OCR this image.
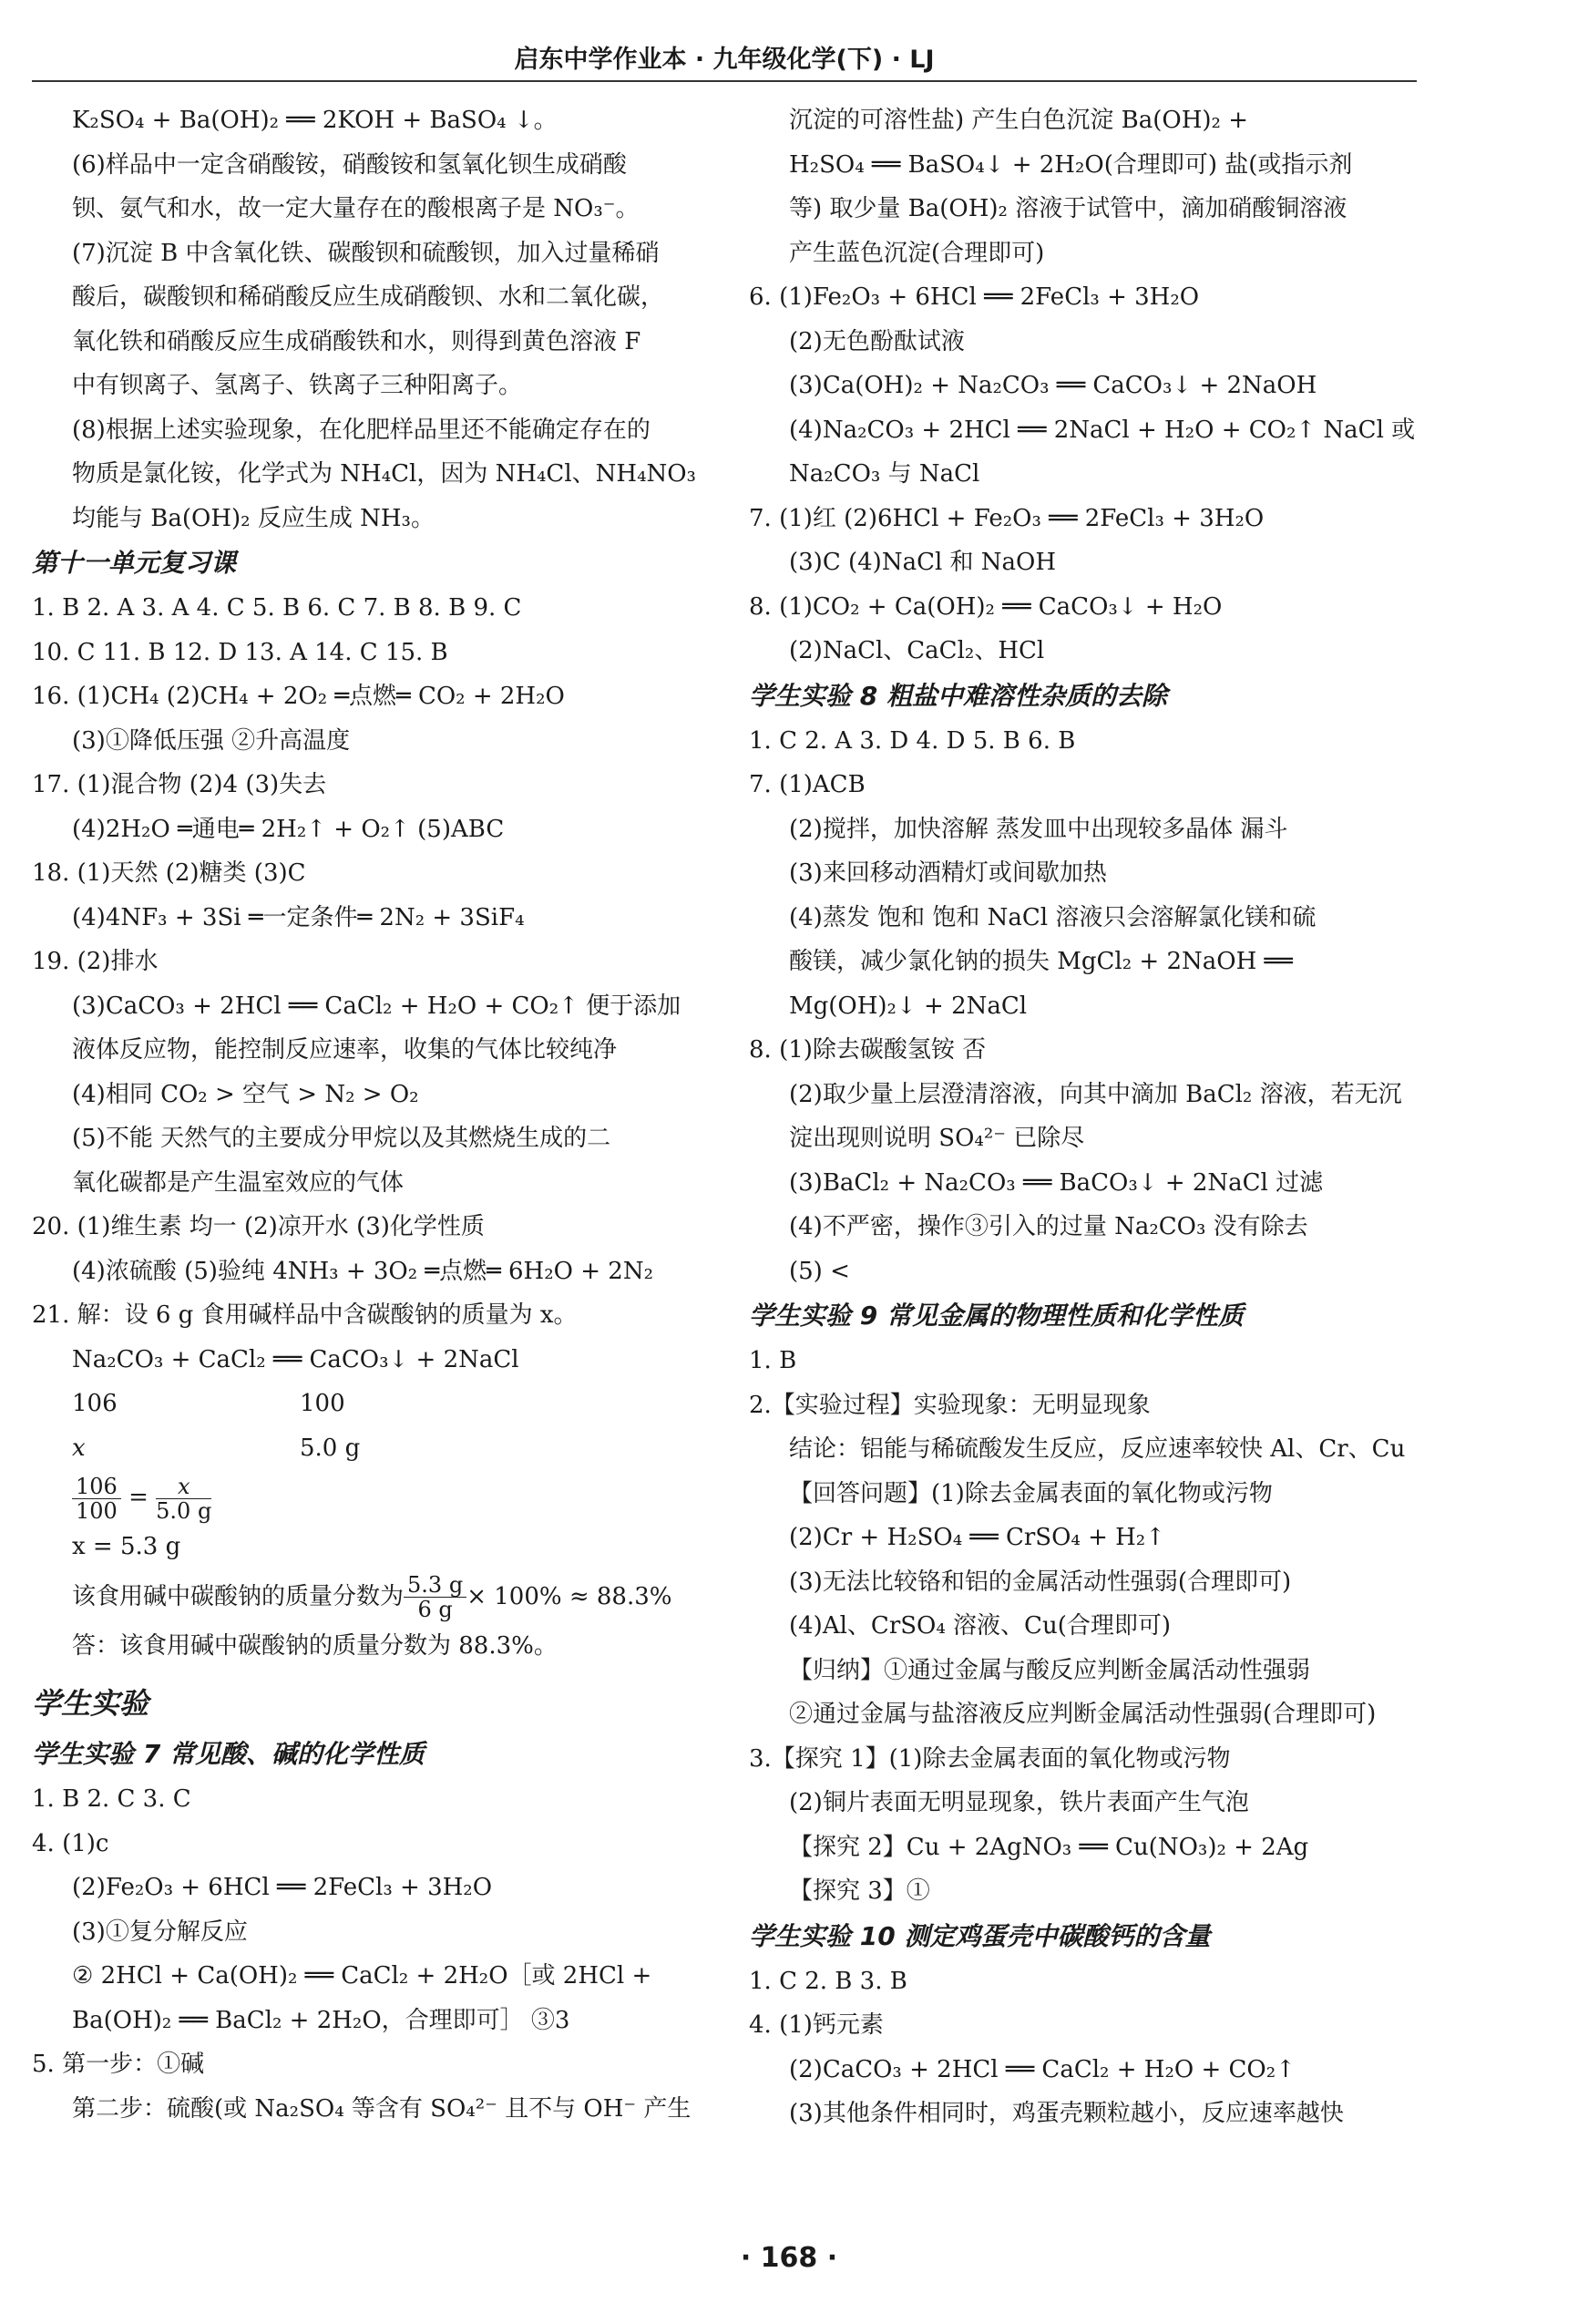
启东中学作业本 · 九年级化学(下) · LJ
K₂SO₄ + Ba(OH)₂ ══ 2KOH + BaSO₄ ↓。
(6)样品中一定含硝酸铵，硝酸铵和氢氧化钡生成硝酸
钡、氨气和水，故一定大量存在的酸根离子是 NO₃⁻。
(7)沉淀 B 中含氧化铁、碳酸钡和硫酸钡，加入过量稀硝
酸后，碳酸钡和稀硝酸反应生成硝酸钡、水和二氧化碳，
氧化铁和硝酸反应生成硝酸铁和水，则得到黄色溶液 F
中有钡离子、氢离子、铁离子三种阳离子。
(8)根据上述实验现象，在化肥样品里还不能确定存在的
物质是氯化铵，化学式为 NH₄Cl，因为 NH₄Cl、NH₄NO₃
均能与 Ba(OH)₂ 反应生成 NH₃。
第十一单元复习课
1. B 2. A 3. A 4. C 5. B 6. C 7. B 8. B 9. C
10. C 11. B 12. D 13. A 14. C 15. B
16. (1)CH₄ (2)CH₄ + 2O₂ ═点燃═ CO₂ + 2H₂O
(3)①降低压强 ②升高温度
17. (1)混合物 (2)4 (3)失去
(4)2H₂O ═通电═ 2H₂↑ + O₂↑ (5)ABC
18. (1)天然 (2)糖类 (3)C
(4)4NF₃ + 3Si ═一定条件═ 2N₂ + 3SiF₄
19. (2)排水
(3)CaCO₃ + 2HCl ══ CaCl₂ + H₂O + CO₂↑ 便于添加
液体反应物，能控制反应速率，收集的气体比较纯净
(4)相同 CO₂ > 空气 > N₂ > O₂
(5)不能 天然气的主要成分甲烷以及其燃烧生成的二
氧化碳都是产生温室效应的气体
20. (1)维生素 均一 (2)凉开水 (3)化学性质
(4)浓硫酸 (5)验纯 4NH₃ + 3O₂ ═点燃═ 6H₂O + 2N₂
21. 解：设 6 g 食用碱样品中含碳酸钠的质量为 x。
Na₂CO₃ + CaCl₂ ══ CaCO₃↓ + 2NaCl
106	100
x	5.0 g
$\frac{106}{100} = \frac{x}{5.0 g}$
x = 5.3 g
该食用碱中碳酸钠的质量分数为 $\frac{5.3 g}{6 g} \times 100\% \approx 88.3\%$
答：该食用碱中碳酸钠的质量分数为 88.3%。
学生实验
学生实验 7 常见酸、碱的化学性质
1. B 2. C 3. C
4. (1)c
(2)Fe₂O₃ + 6HCl ══ 2FeCl₃ + 3H₂O
(3)①复分解反应
② 2HCl + Ca(OH)₂ ══ CaCl₂ + 2H₂O［或 2HCl +
Ba(OH)₂ ══ BaCl₂ + 2H₂O，合理即可］ ③3
5. 第一步：①碱
第二步：硫酸(或 Na₂SO₄ 等含有 SO₄²⁻ 且不与 OH⁻ 产生
沉淀的可溶性盐) 产生白色沉淀 Ba(OH)₂ +
H₂SO₄ ══ BaSO₄↓ + 2H₂O(合理即可) 盐(或指示剂
等) 取少量 Ba(OH)₂ 溶液于试管中，滴加硝酸铜溶液
产生蓝色沉淀(合理即可)
6. (1)Fe₂O₃ + 6HCl ══ 2FeCl₃ + 3H₂O
(2)无色酚酞试液
(3)Ca(OH)₂ + Na₂CO₃ ══ CaCO₃↓ + 2NaOH
(4)Na₂CO₃ + 2HCl ══ 2NaCl + H₂O + CO₂↑ NaCl 或
Na₂CO₃ 与 NaCl
7. (1)红 (2)6HCl + Fe₂O₃ ══ 2FeCl₃ + 3H₂O
(3)C (4)NaCl 和 NaOH
8. (1)CO₂ + Ca(OH)₂ ══ CaCO₃↓ + H₂O
(2)NaCl、CaCl₂、HCl
学生实验 8 粗盐中难溶性杂质的去除
1. C 2. A 3. D 4. D 5. B 6. B
7. (1)ACB
(2)搅拌，加快溶解 蒸发皿中出现较多晶体 漏斗
(3)来回移动酒精灯或间歇加热
(4)蒸发 饱和 饱和 NaCl 溶液只会溶解氯化镁和硫
酸镁，减少氯化钠的损失 MgCl₂ + 2NaOH ══
Mg(OH)₂↓ + 2NaCl
8. (1)除去碳酸氢铵 否
(2)取少量上层澄清溶液，向其中滴加 BaCl₂ 溶液，若无沉
淀出现则说明 SO₄²⁻ 已除尽
(3)BaCl₂ + Na₂CO₃ ══ BaCO₃↓ + 2NaCl 过滤
(4)不严密，操作③引入的过量 Na₂CO₃ 没有除去
(5) <
学生实验 9 常见金属的物理性质和化学性质
1. B
2.【实验过程】实验现象：无明显现象
结论：铝能与稀硫酸发生反应，反应速率较快 Al、Cr、Cu
【回答问题】(1)除去金属表面的氧化物或污物
(2)Cr + H₂SO₄ ══ CrSO₄ + H₂↑
(3)无法比较铬和铝的金属活动性强弱(合理即可)
(4)Al、CrSO₄ 溶液、Cu(合理即可)
【归纳】①通过金属与酸反应判断金属活动性强弱
②通过金属与盐溶液反应判断金属活动性强弱(合理即可)
3.【探究 1】(1)除去金属表面的氧化物或污物
(2)铜片表面无明显现象，铁片表面产生气泡
【探究 2】Cu + 2AgNO₃ ══ Cu(NO₃)₂ + 2Ag
【探究 3】①
学生实验 10 测定鸡蛋壳中碳酸钙的含量
1. C 2. B 3. B
4. (1)钙元素
(2)CaCO₃ + 2HCl ══ CaCl₂ + H₂O + CO₂↑
(3)其他条件相同时，鸡蛋壳颗粒越小，反应速率越快
· 168 ·
